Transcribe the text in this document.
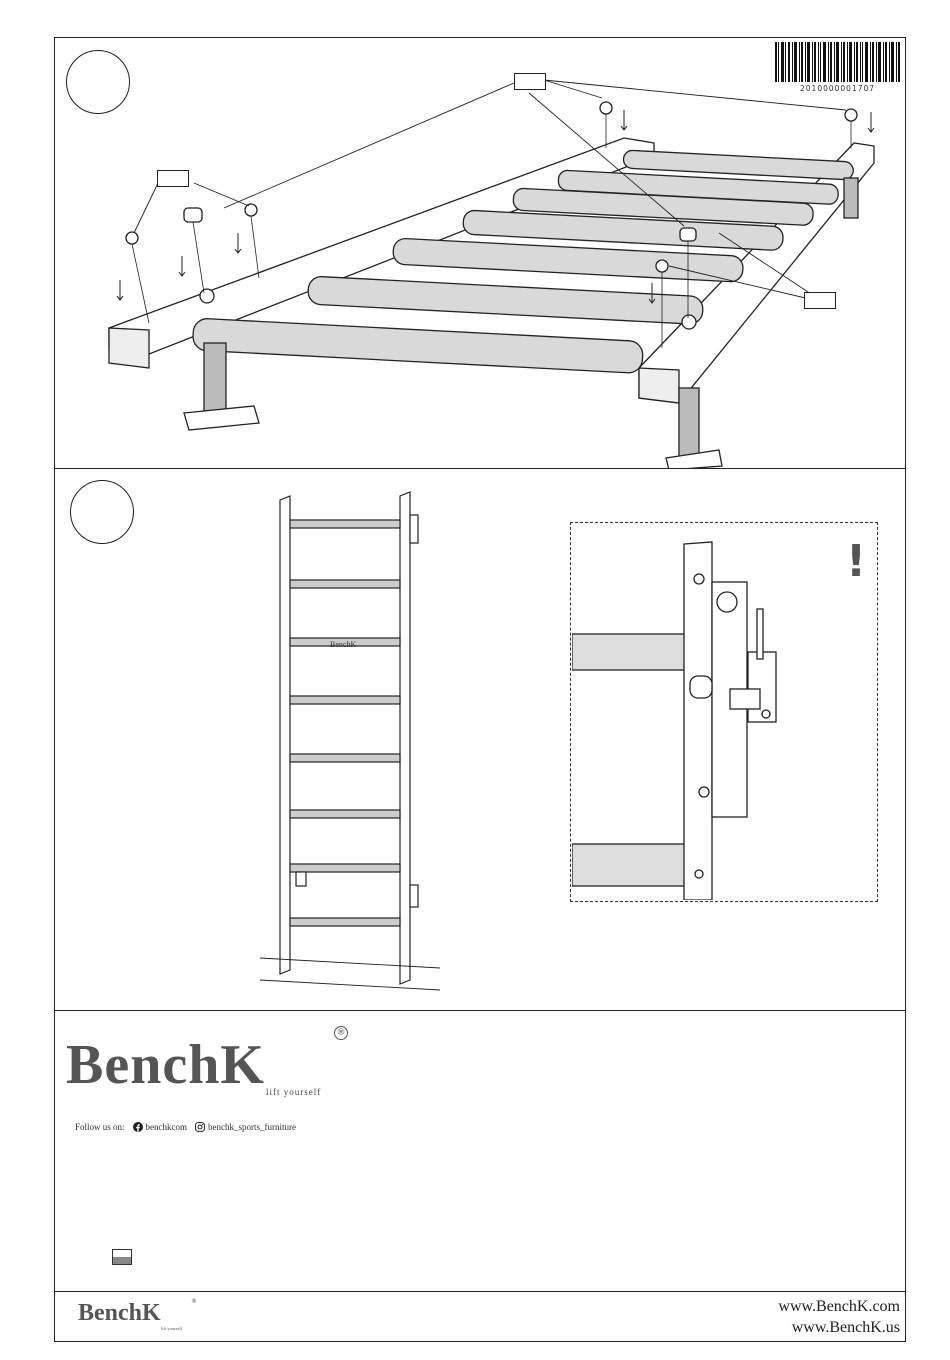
2010000001707
BenchK
!
BenchK
®
lift yourself
Follow us on: benchkcom benchk_sports_furniture
BenchK	®
lift yourself
www.BenchK.com
www.BenchK.us
